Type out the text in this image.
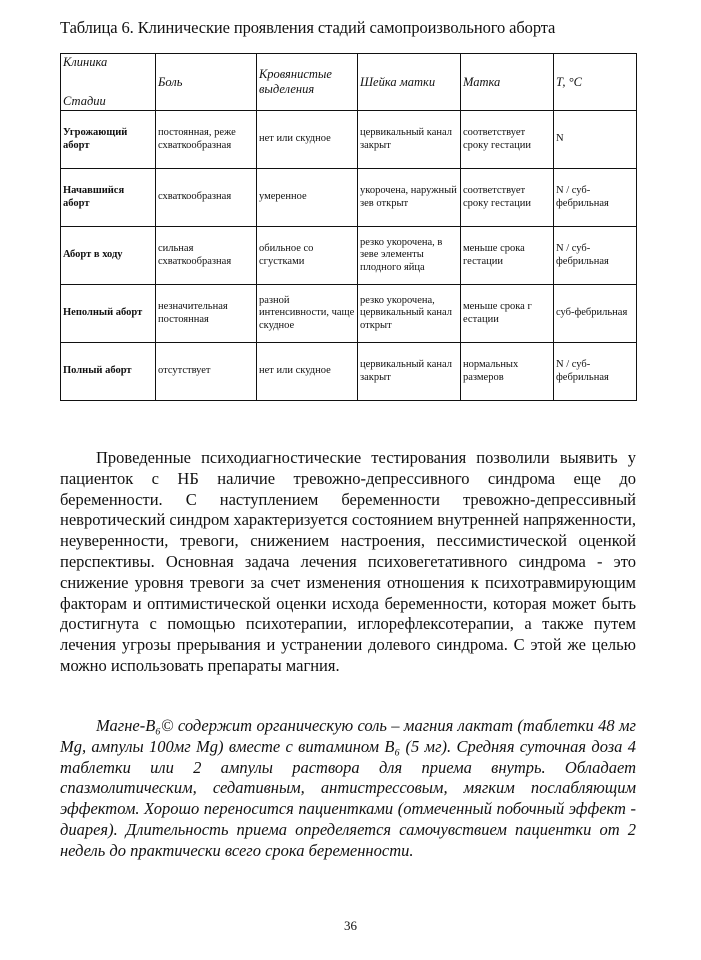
Таблица 6. Клинические проявления стадий самопроизвольного аборта
Клиника
Стадии	Боль	Кровянистые выделения	Шейка матки	Матка	Т, °С
Угрожающий аборт	постоянная, реже схваткообразная	нет или скудное	цервикальный канал закрыт	соответствует сроку гестации	N
Начавшийся аборт	схваткообразная	умеренное	укорочена, наружный зев открыт	соответствует сроку гестации	N / суб-фебрильная
Аборт в ходу	сильная схваткообразная	обильное со сгустками	резко укорочена, в зеве элементы плодного яйца	меньше срока гестации	N / суб-фебрильная
Неполный аборт	незначительная постоянная	разной интенсивности, чаще скудное	резко укорочена, цервикальный канал открыт	меньше срока г естации	суб-фебрильная
Полный аборт	отсутствует	нет или скудное	цервикальный канал закрыт	нормальных размеров	N / суб-фебрильная

Проведенные психодиагностические тестирования позволили выявить у пациенток с НБ наличие тревожно-депрессивного синдрома еще до беременности. С наступлением беременности тревожно-депрессивный невротический синдром характеризуется состоянием внутренней напряженности, неуверенности, тревоги, снижением настроения, пессимистической оценкой перспективы. Основная задача лечения психовегетативного синдрома - это снижение уровня тревоги за счет изменения отношения к психотравмирующим факторам и оптимистической оценки исхода беременности, которая может быть достигнута с помощью психотерапии, иглорефлексотерапии, а также путем лечения угрозы прерывания и устранении долевого синдрома. С этой же целью можно использовать препараты магния.

Магне-B₆© содержит органическую соль – магния лактат (таблетки 48 мг Mg, ампулы 100мг Mg) вместе с витамином B₆ (5 мг). Средняя суточная доза 4 таблетки или 2 ампулы раствора для приема внутрь. Обладает спазмолитическим, седативным, антистрессовым, мягким послабляющим эффектом. Хорошо переносится пациентками (отмеченный побочный эффект - диарея). Длительность приема определяется самочувствием пациентки от 2 недель до практически всего срока беременности.

36
